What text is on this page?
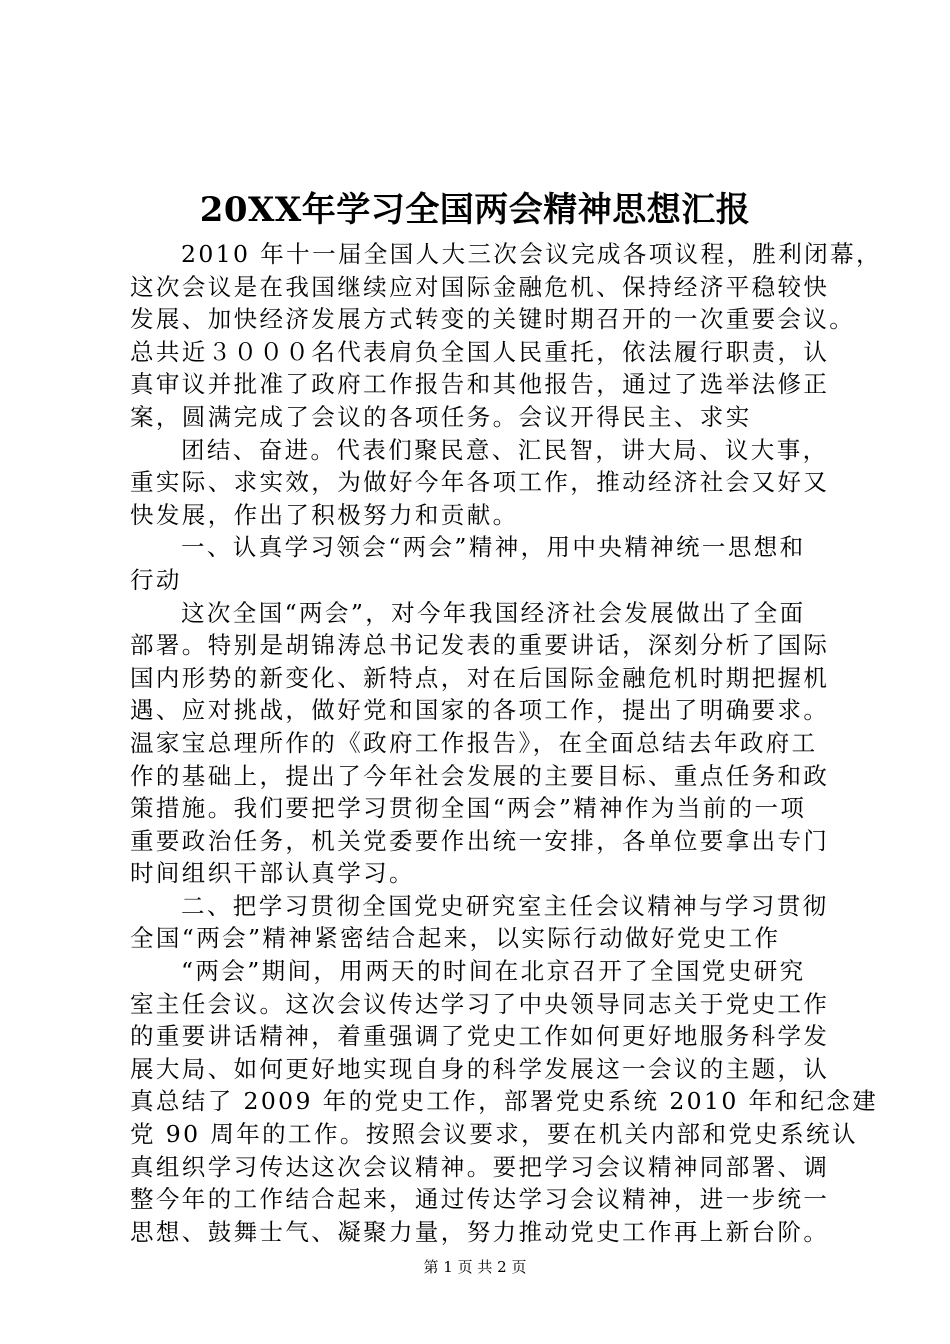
20XX年学习全国两会精神思想汇报
2010 年十一届全国人大三次会议完成各项议程，胜利闭幕，
这次会议是在我国继续应对国际金融危机、保持经济平稳较快
发展、加快经济发展方式转变的关键时期召开的一次重要会议。
总共近３０００名代表肩负全国人民重托，依法履行职责，认
真审议并批准了政府工作报告和其他报告，通过了选举法修正
案，圆满完成了会议的各项任务。会议开得民主、求实
团结、奋进。代表们聚民意、汇民智，讲大局、议大事，
重实际、求实效，为做好今年各项工作，推动经济社会又好又
快发展，作出了积极努力和贡献。
一、认真学习领会“两会”精神，用中央精神统一思想和
行动
这次全国“两会”，对今年我国经济社会发展做出了全面
部署。特别是胡锦涛总书记发表的重要讲话，深刻分析了国际
国内形势的新变化、新特点，对在后国际金融危机时期把握机
遇、应对挑战，做好党和国家的各项工作，提出了明确要求。
温家宝总理所作的《政府工作报告》，在全面总结去年政府工
作的基础上，提出了今年社会发展的主要目标、重点任务和政
策措施。我们要把学习贯彻全国“两会”精神作为当前的一项
重要政治任务，机关党委要作出统一安排，各单位要拿出专门
时间组织干部认真学习。
二、把学习贯彻全国党史研究室主任会议精神与学习贯彻
全国“两会”精神紧密结合起来，以实际行动做好党史工作
“两会”期间，用两天的时间在北京召开了全国党史研究
室主任会议。这次会议传达学习了中央领导同志关于党史工作
的重要讲话精神，着重强调了党史工作如何更好地服务科学发
展大局、如何更好地实现自身的科学发展这一会议的主题，认
真总结了 2009 年的党史工作，部署党史系统 2010 年和纪念建
党 90 周年的工作。按照会议要求，要在机关内部和党史系统认
真组织学习传达这次会议精神。要把学习会议精神同部署、调
整今年的工作结合起来，通过传达学习会议精神，进一步统一
思想、鼓舞士气、凝聚力量，努力推动党史工作再上新台阶。
第 1 页 共 2 页
